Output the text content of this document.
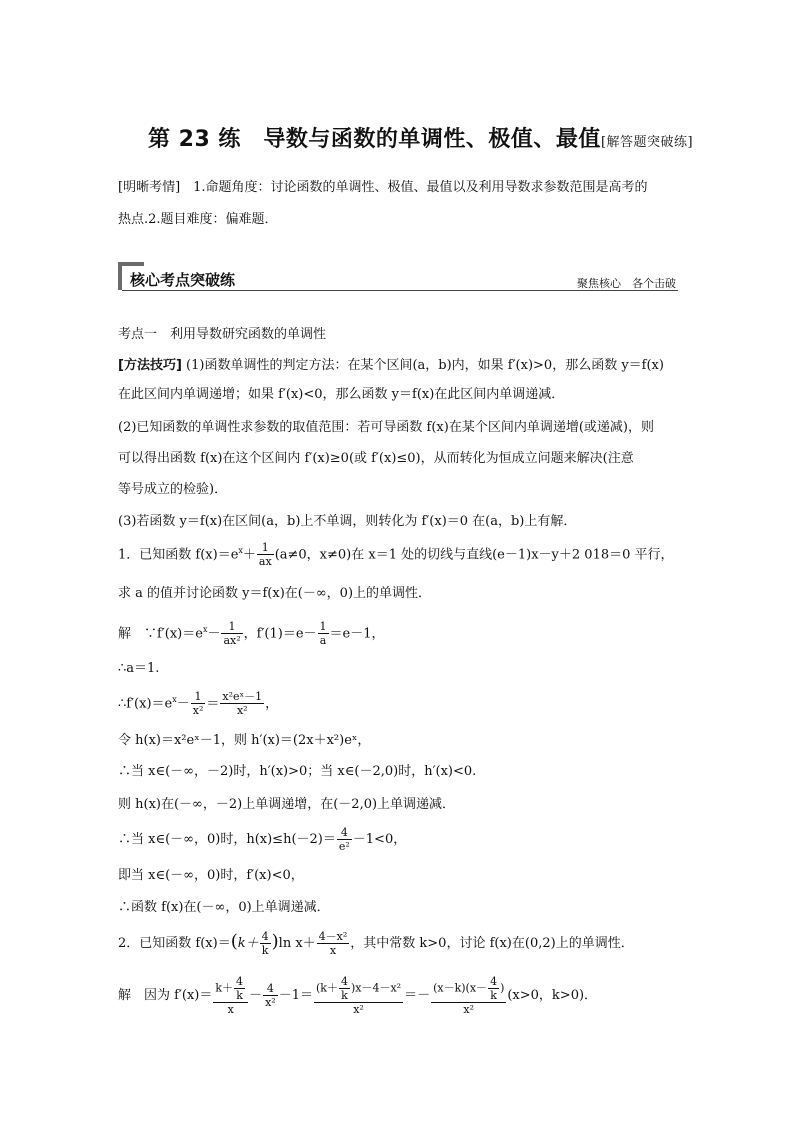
第 23 练　导数与函数的单调性、极值、最值[解答题突破练]
[明晰考情]　1.命题角度：讨论函数的单调性、极值、最值以及利用导数求参数范围是高考的
热点.2.题目难度：偏难题．
核心考点突破练	聚焦核心　各个击破
考点一　利用导数研究函数的单调性
[方法技巧] (1)函数单调性的判定方法：在某个区间(a，b)内，如果 f′(x)>0，那么函数 y＝f(x)
在此区间内单调递增；如果 f′(x)<0，那么函数 y＝f(x)在此区间内单调递减．
(2)已知函数的单调性求参数的取值范围：若可导函数 f(x)在某个区间内单调递增(或递减)，则
可以得出函数 f(x)在这个区间内 f′(x)≥0(或 f′(x)≤0)，从而转化为恒成立问题来解决(注意
等号成立的检验)．
(3)若函数 y＝f(x)在区间(a，b)上不单调，则转化为 f′(x)＝0 在(a，b)上有解．
1．已知函数 $f(x)=e^x+ \frac{1}{ax} (a\ne 0$，x≠0)在 x＝1 处的切线与直线(e－1)x－y＋2 018＝0 平行，
求 a 的值并讨论函数 y＝f(x)在(－∞，0)上的单调性．
解　$\because f'(x)=e^x- \frac{1}{\text{ax²}}$ ，$f'(1)=e- \frac{1}{a} =e-1$，
∴a＝1.
$\therefore f'(x)=e^x- \frac{1}{\text{x²}} = \frac{\text{x²eˣ－1}}{\text{x²}}$ ，
令 h(x)＝x²eˣ－1，则 h′(x)＝(2x＋x²)eˣ，
∴当 x∈(－∞，－2)时，h′(x)>0；当 x∈(－2,0)时，h′(x)<0.
则 h(x)在(－∞，－2)上单调递增，在(－2,0)上单调递减．
∴当 x∈(－∞，0)时，$h(x)\le h(-2)= \frac{4}{\text{e²}} -1<0$，
即当 x∈(－∞，0)时，f′(x)<0，
∴函数 f(x)在(－∞，0)上单调递减．
2．已知函数 $f(x)=(k+ \frac{4}{k} )\ln$ $x+ \frac{\text{4－x²}}{x}$ ，其中常数 k>0，讨论 f(x)在(0,2)上的单调性．
解　因为 $f'(x)= \frac{k+ \frac{4}{k}}{x} - \frac{4}{\text{x²}} -1= \frac{(k+ \frac{4}{k} )x-4-x^2}{\text{x²}} =- \frac{(x-k)(x- \frac{4}{k} )}{\text{x²}} (x>0$，k>0)．
